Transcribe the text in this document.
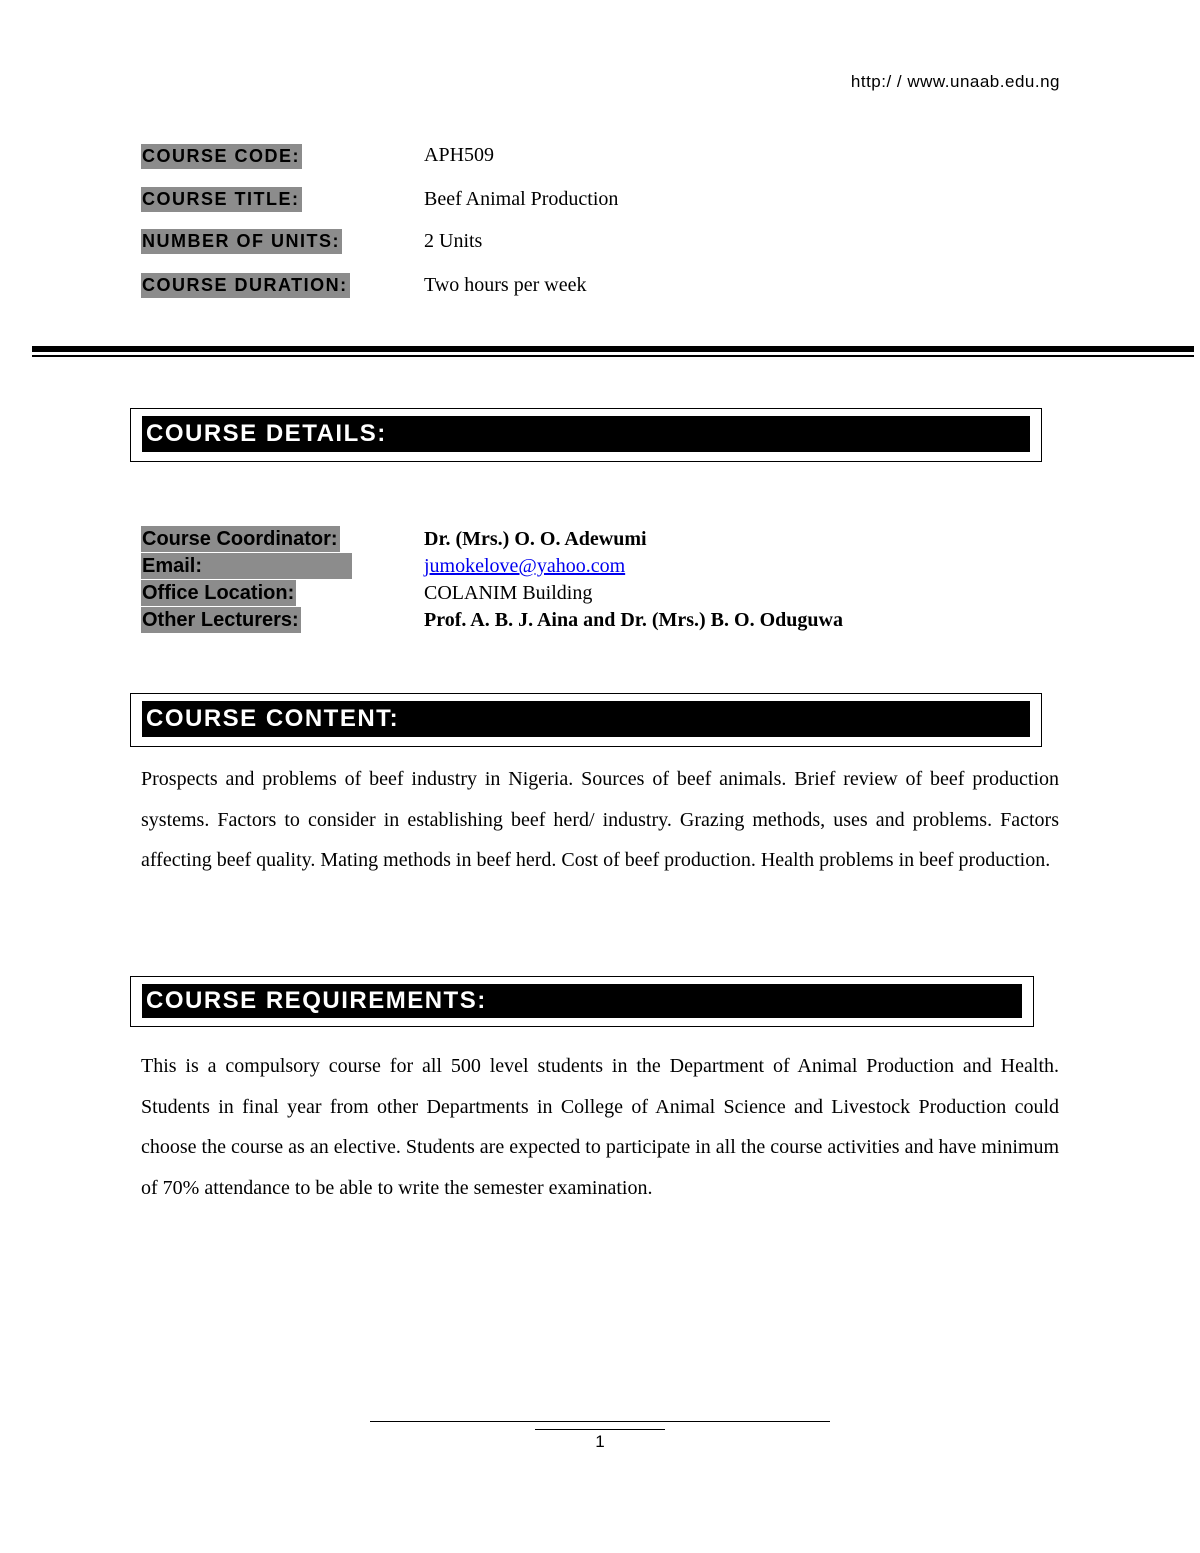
http:/ / www.unaab.edu.ng
COURSE CODE:	APH509
COURSE TITLE:	Beef Animal Production
NUMBER OF UNITS:	2 Units
COURSE DURATION:	Two hours per week
COURSE DETAILS:
Course Coordinator:	Dr. (Mrs.) O. O. Adewumi
Email:	jumokelove@yahoo.com
Office Location:	COLANIM Building
Other Lecturers:	Prof. A. B. J. Aina and Dr. (Mrs.) B. O. Oduguwa
COURSE CONTENT:

Prospects and problems of beef industry in Nigeria. Sources of beef animals. Brief review of beef production systems. Factors to consider in establishing beef herd/ industry. Grazing methods, uses and problems. Factors affecting beef quality. Mating methods in beef herd. Cost of beef production. Health problems in beef production.

COURSE REQUIREMENTS:

This is a compulsory course for all 500 level students in the Department of Animal Production and Health. Students in final year from other Departments in College of Animal Science and Livestock Production could choose the course as an elective. Students are expected to participate in all the course activities and have minimum of 70% attendance to be able to write the semester examination.

1
